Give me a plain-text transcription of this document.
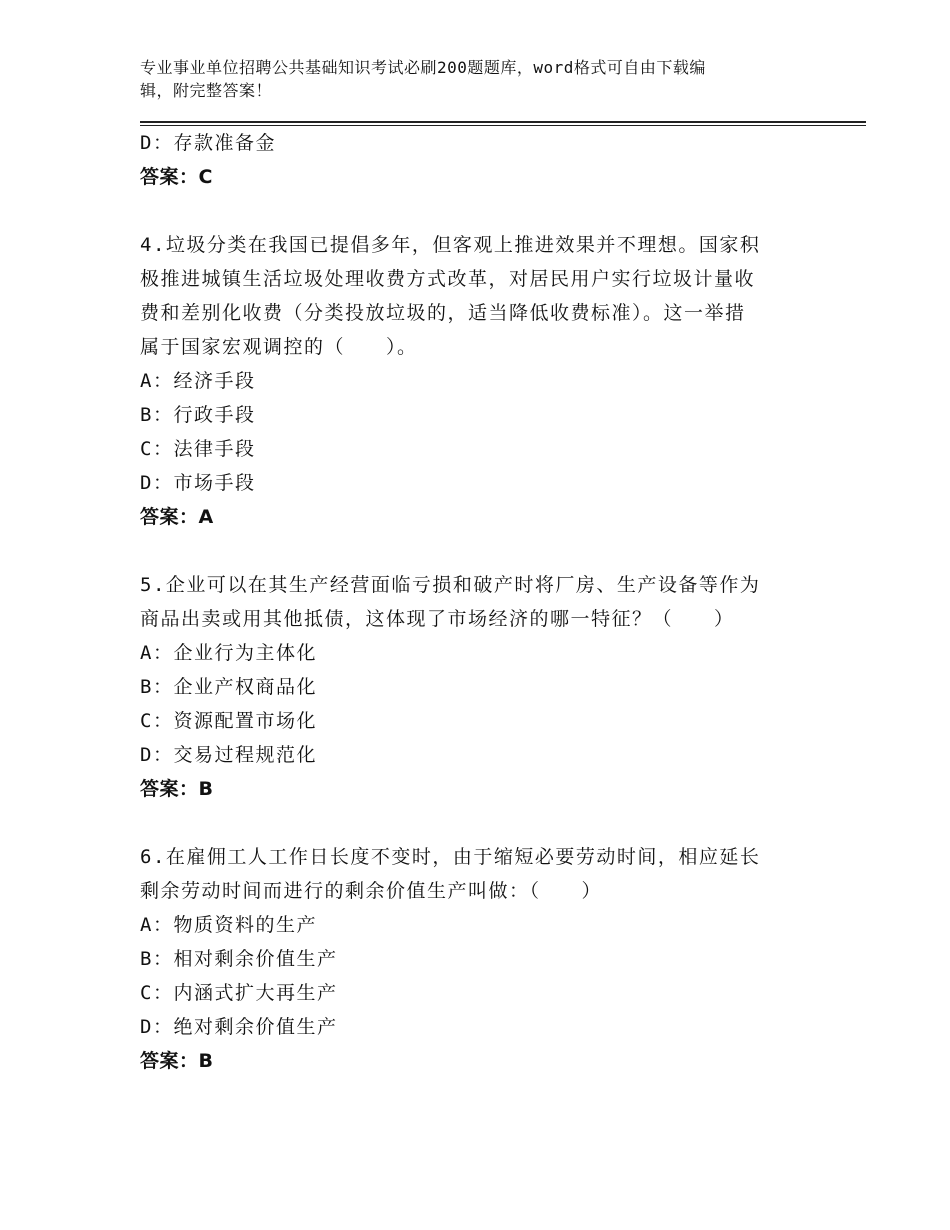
专业事业单位招聘公共基础知识考试必刷200题题库，word格式可自由下载编
辑，附完整答案！
D：存款准备金
答案：C
4.垃圾分类在我国已提倡多年，但客观上推进效果并不理想。国家积
极推进城镇生活垃圾处理收费方式改革，对居民用户实行垃圾计量收
费和差别化收费（分类投放垃圾的，适当降低收费标准）。这一举措
属于国家宏观调控的（　　）。
A：经济手段
B：行政手段
C：法律手段
D：市场手段
答案：A
5.企业可以在其生产经营面临亏损和破产时将厂房、生产设备等作为
商品出卖或用其他抵债，这体现了市场经济的哪一特征？（　　）
A：企业行为主体化
B：企业产权商品化
C：资源配置市场化
D：交易过程规范化
答案：B
6.在雇佣工人工作日长度不变时，由于缩短必要劳动时间，相应延长
剩余劳动时间而进行的剩余价值生产叫做：（　　）
A：物质资料的生产
B：相对剩余价值生产
C：内涵式扩大再生产
D：绝对剩余价值生产
答案：B
